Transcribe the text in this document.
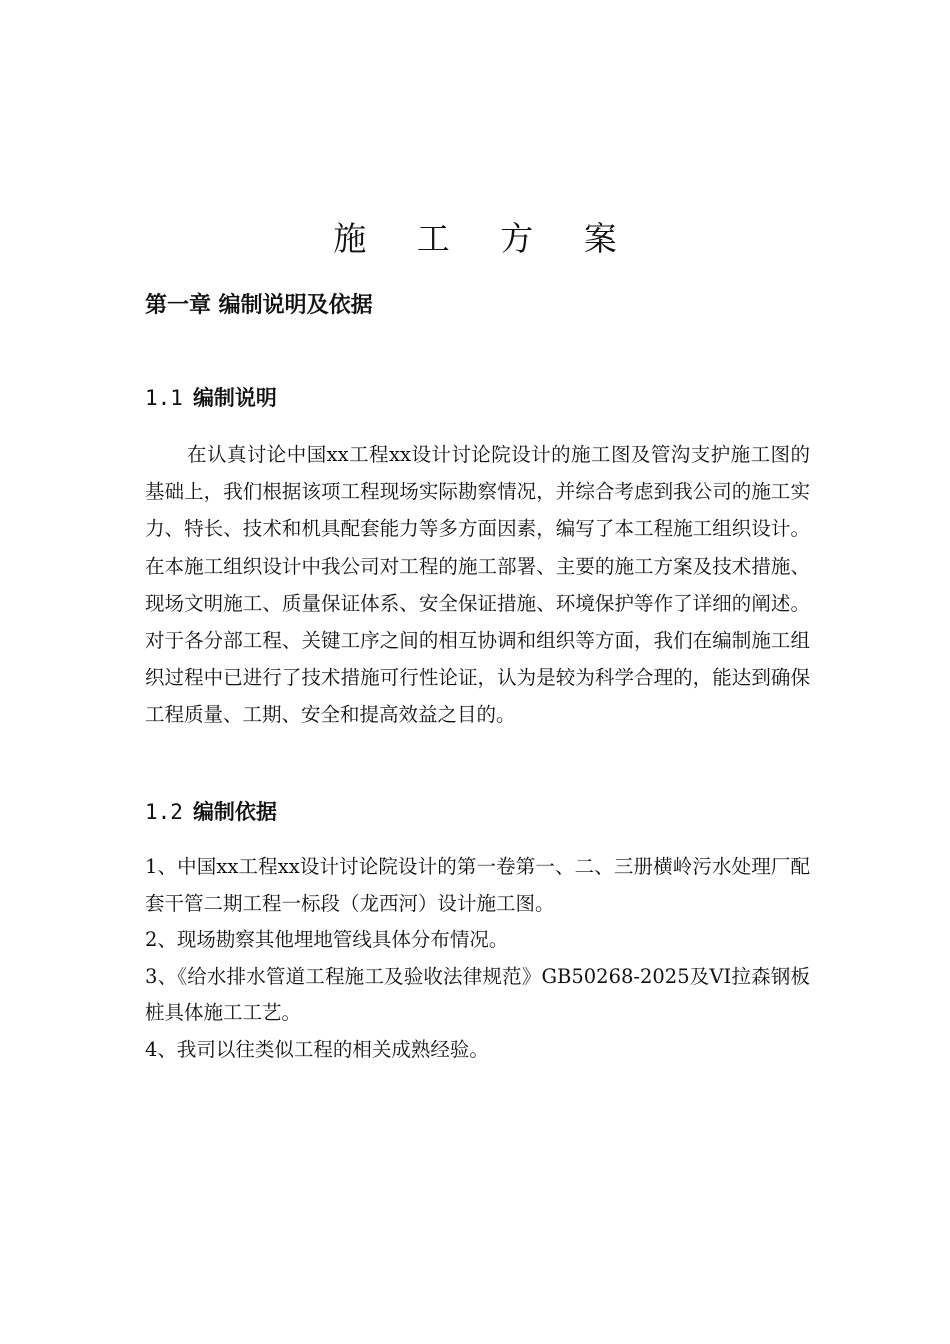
施 工 方 案
第一章 编制说明及依据
1.1 编制说明

在认真讨论中国xx工程xx设计讨论院设计的施工图及管沟支护施工图的基础上，我们根据该项工程现场实际勘察情况，并综合考虑到我公司的施工实力、特长、技术和机具配套能力等多方面因素，编写了本工程施工组织设计。在本施工组织设计中我公司对工程的施工部署、主要的施工方案及技术措施、现场文明施工、质量保证体系、安全保证措施、环境保护等作了详细的阐述。对于各分部工程、关键工序之间的相互协调和组织等方面，我们在编制施工组织过程中已进行了技术措施可行性论证，认为是较为科学合理的，能达到确保工程质量、工期、安全和提高效益之目的。

1.2 编制依据
1、中国xx工程xx设计讨论院设计的第一卷第一、二、三册横岭污水处理厂配套干管二期工程一标段（龙西河）设计施工图。
2、现场勘察其他埋地管线具体分布情况。
3、《给水排水管道工程施工及验收法律规范》GB50268-2025及VI拉森钢板桩具体施工工艺。
4、我司以往类似工程的相关成熟经验。
